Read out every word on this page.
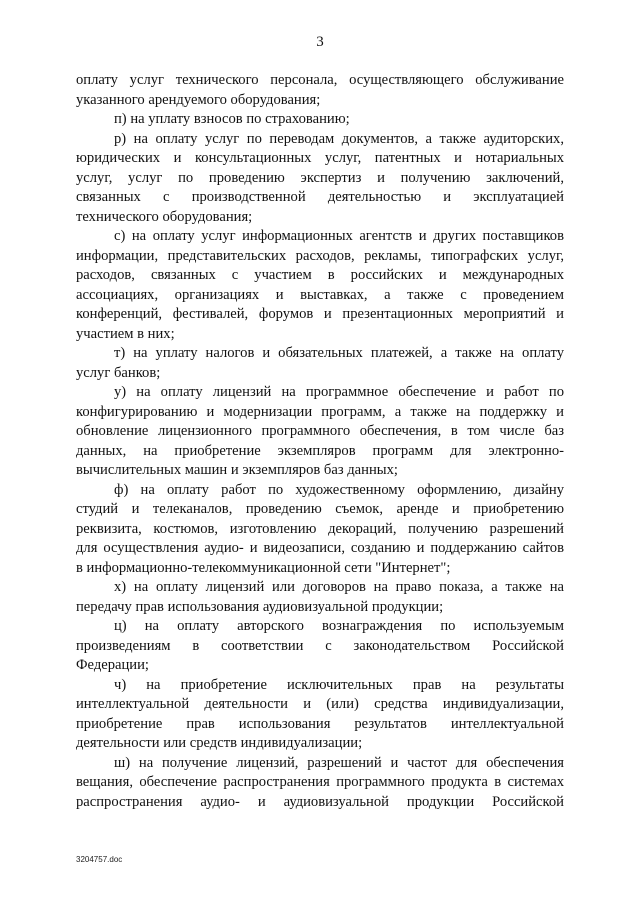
3
оплату услуг технического персонала, осуществляющего обслуживание
указанного арендуемого оборудования;
п) на уплату взносов по страхованию;
р) на оплату услуг по переводам документов, а также аудиторских,
юридических и консультационных услуг, патентных и нотариальных
услуг, услуг по проведению экспертиз и получению заключений,
связанных с производственной деятельностью и эксплуатацией
технического оборудования;
с) на оплату услуг информационных агентств и других поставщиков
информации, представительских расходов, рекламы, типографских услуг,
расходов, связанных с участием в российских и международных
ассоциациях, организациях и выставках, а также с проведением
конференций, фестивалей, форумов и презентационных мероприятий и
участием в них;
т) на уплату налогов и обязательных платежей, а также на оплату
услуг банков;
у) на оплату лицензий на программное обеспечение и работ по
конфигурированию и модернизации программ, а также на поддержку и
обновление лицензионного программного обеспечения, в том числе баз
данных, на приобретение экземпляров программ для электронно-
вычислительных машин и экземпляров баз данных;
ф) на оплату работ по художественному оформлению, дизайну
студий и телеканалов, проведению съемок, аренде и приобретению
реквизита, костюмов, изготовлению декораций, получению разрешений
для осуществления аудио- и видеозаписи, созданию и поддержанию сайтов
в информационно-телекоммуникационной сети "Интернет";
х) на оплату лицензий или договоров на право показа, а также на
передачу прав использования аудиовизуальной продукции;
ц) на оплату авторского вознаграждения по используемым
произведениям в соответствии с законодательством Российской
Федерации;
ч) на приобретение исключительных прав на результаты
интеллектуальной деятельности и (или) средства индивидуализации,
приобретение прав использования результатов интеллектуальной
деятельности или средств индивидуализации;
ш) на получение лицензий, разрешений и частот для обеспечения
вещания, обеспечение распространения программного продукта в системах
распространения аудио- и аудиовизуальной продукции Российской
3204757.doc
